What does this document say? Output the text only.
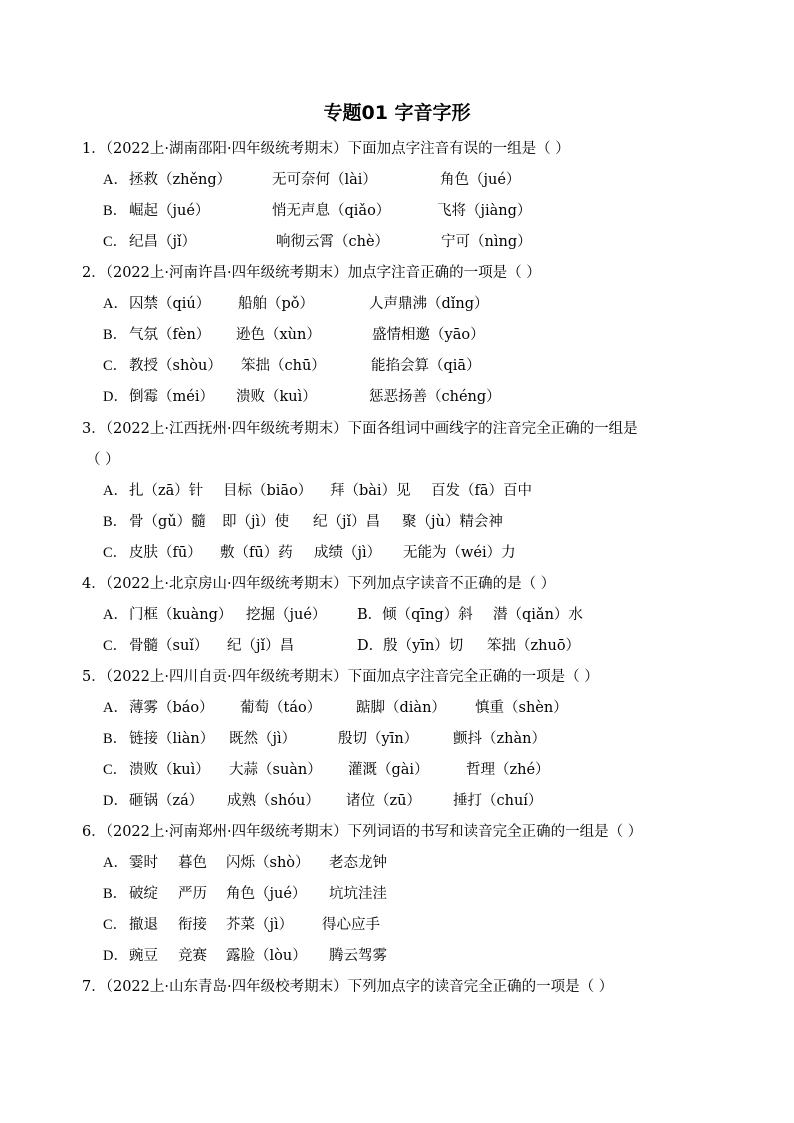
专题01 字音字形
1．（2022上·湖南邵阳·四年级统考期末）下面加点字注音有误的一组是（ ）
A． 拯救（zhěng）	无可奈何（lài）	角色（jué）
B． 崛起（jué）	悄无声息（qiǎo）	飞将（jiàng）
C． 纪昌（jǐ）	响彻云霄（chè）	宁可（nìng）
2．（2022上·河南许昌·四年级统考期末）加点字注音正确的一项是（ ）
A． 囚禁（qiú） 船舶（pǒ）	人声鼎沸（dǐng）
B． 气氛（fèn） 逊色（xùn）	盛情相邀（yāo）
C． 教授（shòu） 笨拙（chū）	能掐会算（qiā）
D． 倒霉（méi） 溃败（kuì）	惩恶扬善（chéng）
3．（2022上·江西抚州·四年级统考期末）下面各组词中画线字的注音完全正确的一组是
（ ）
A． 扎（zā）针 目标（biāo） 拜（bài）见 百发（fā）百中
B． 骨（gǔ）髓 即（jì）使 纪（jǐ）昌 聚（jù）精会神
C． 皮肤（fū） 敷（fū）药 成绩（jì） 无能为（wéi）力
4．（2022上·北京房山·四年级统考期末）下列加点字读音不正确的是（ ）
A． 门框（kuàng） 挖掘（jué） B．倾（qīng）斜 潜（qiǎn）水
C． 骨髓（suǐ） 纪（jǐ）昌	D．殷（yīn）切 笨拙（zhuō）
5．（2022上·四川自贡·四年级统考期末）下面加点字注音完全正确的一项是（ ）
A． 薄雾（báo） 葡萄（táo） 踮脚（diàn） 慎重（shèn）
B． 链接（liàn） 既然（jì）	殷切（yīn） 颤抖（zhàn）
C． 溃败（kuì） 大蒜（suàn） 灌溉（gài）	哲理（zhé）
D． 砸锅（zá） 成熟（shóu） 诸位（zū） 捶打（chuí）
6．（2022上·河南郑州·四年级统考期末）下列词语的书写和读音完全正确的一组是（ ）
A． 霎时 暮色 闪烁（shò） 老态龙钟
B． 破绽 严历 角色（jué） 坑坑洼洼
C． 撤退 衔接 芥菜（jì） 得心应手
D． 豌豆 竞赛 露脸（lòu） 腾云驾雾
7．（2022上·山东青岛·四年级校考期末）下列加点字的读音完全正确的一项是（ ）
